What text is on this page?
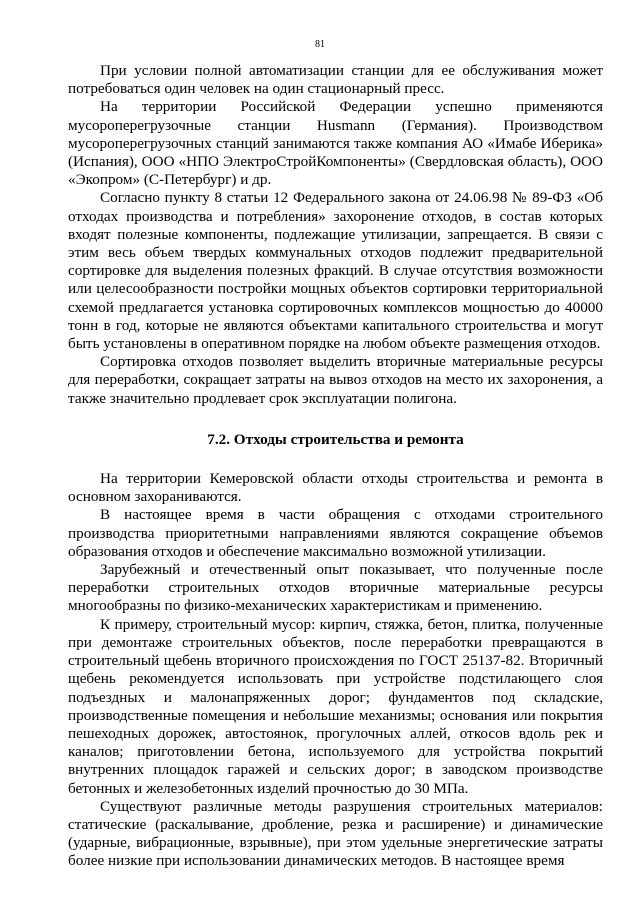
81

При условии полной автоматизации станции для ее обслуживания может потребоваться один человек на один стационарный пресс.

На территории Российской Федерации успешно применяются мусороперегрузочные станции Husmann (Германия). Производством мусороперегрузочных станций занимаются также компания АО «Имабе Иберика» (Испания), ООО «НПО ЭлектроСтройКомпоненты» (Свердловская область), ООО «Экопром» (С-Петербург) и др.

Согласно пункту 8 статьи 12 Федерального закона от 24.06.98 № 89-ФЗ «Об отходах производства и потребления» захоронение отходов, в состав которых входят полезные компоненты, подлежащие утилизации, запрещается. В связи с этим весь объем твердых коммунальных отходов подлежит предварительной сортировке для выделения полезных фракций. В случае отсутствия возможности или целесообразности постройки мощных объектов сортировки территориальной схемой предлагается установка сортировочных комплексов мощностью до 40000 тонн в год, которые не являются объектами капитального строительства и могут быть установлены в оперативном порядке на любом объекте размещения отходов.

Сортировка отходов позволяет выделить вторичные материальные ресурсы для переработки, сокращает затраты на вывоз отходов на место их захоронения, а также значительно продлевает срок эксплуатации полигона.

7.2. Отходы строительства и ремонта

На территории Кемеровской области отходы строительства и ремонта в основном захораниваются.

В настоящее время в части обращения с отходами строительного производства приоритетными направлениями являются сокращение объемов образования отходов и обеспечение максимально возможной утилизации.

Зарубежный и отечественный опыт показывает, что полученные после переработки строительных отходов вторичные материальные ресурсы многообразны по физико-механических характеристикам и применению.

К примеру, строительный мусор: кирпич, стяжка, бетон, плитка, полученные при демонтаже строительных объектов, после переработки превращаются в строительный щебень вторичного происхождения по ГОСТ 25137-82. Вторичный щебень рекомендуется использовать при устройстве подстилающего слоя подъездных и малонапряженных дорог; фундаментов под складские, производственные помещения и небольшие механизмы; основания или покрытия пешеходных дорожек, автостоянок, прогулочных аллей, откосов вдоль рек и каналов; приготовлении бетона, используемого для устройства покрытий внутренних площадок гаражей и сельских дорог; в заводском производстве бетонных и железобетонных изделий прочностью до 30 МПа.

Существуют различные методы разрушения строительных материалов: статические (раскалывание, дробление, резка и расширение) и динамические (ударные, вибрационные, взрывные), при этом удельные энергетические затраты более низкие при использовании динамических методов. В настоящее время
